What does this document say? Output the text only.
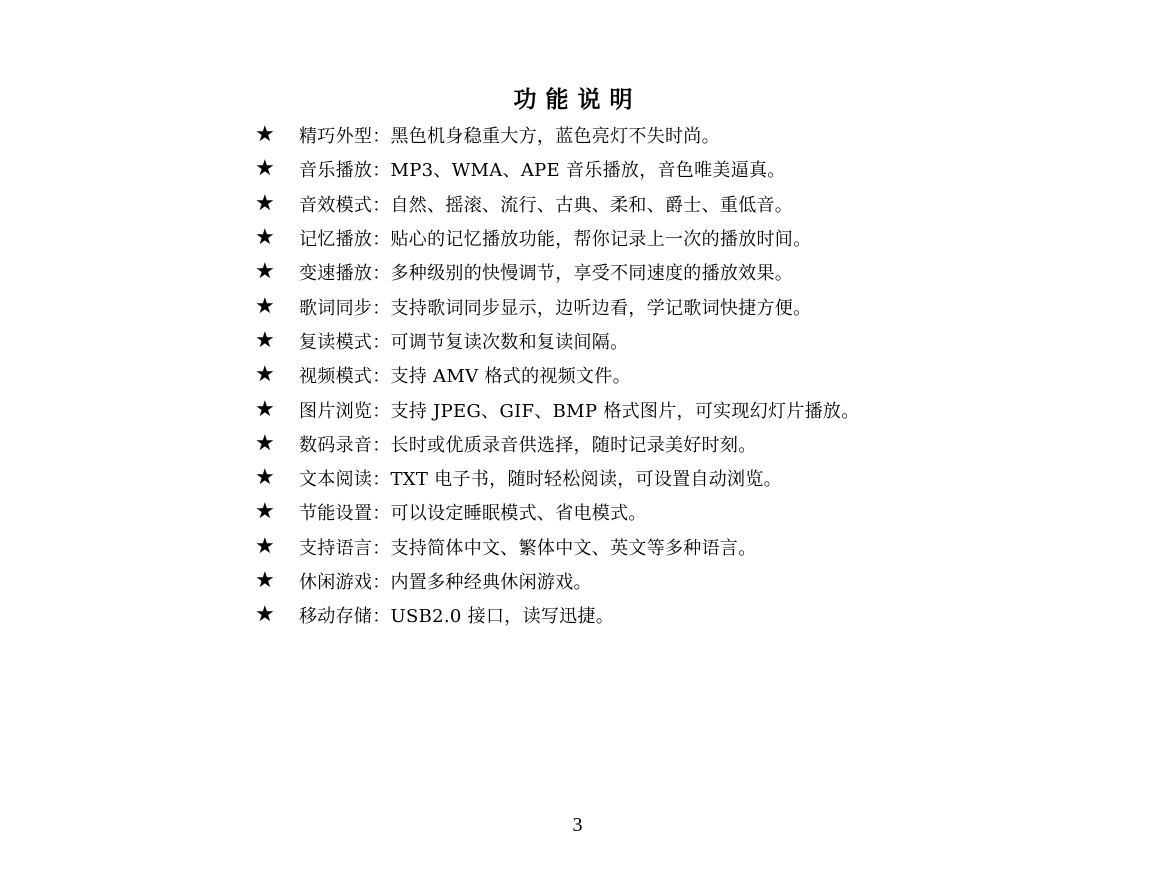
功能说明
★	精巧外型：黑色机身稳重大方，蓝色亮灯不失时尚。
★	音乐播放：MP3、WMA、APE 音乐播放，音色唯美逼真。
★	音效模式：自然、摇滚、流行、古典、柔和、爵士、重低音。
★	记忆播放：贴心的记忆播放功能，帮你记录上一次的播放时间。
★	变速播放：多种级别的快慢调节，享受不同速度的播放效果。
★	歌词同步：支持歌词同步显示，边听边看，学记歌词快捷方便。
★	复读模式：可调节复读次数和复读间隔。
★	视频模式：支持 AMV 格式的视频文件。
★	图片浏览：支持 JPEG、GIF、BMP 格式图片，可实现幻灯片播放。
★	数码录音：长时或优质录音供选择，随时记录美好时刻。
★	文本阅读：TXT 电子书，随时轻松阅读，可设置自动浏览。
★	节能设置：可以设定睡眠模式、省电模式。
★	支持语言：支持简体中文、繁体中文、英文等多种语言。
★	休闲游戏：内置多种经典休闲游戏。
★	移动存储：USB2.0 接口，读写迅捷。
3
